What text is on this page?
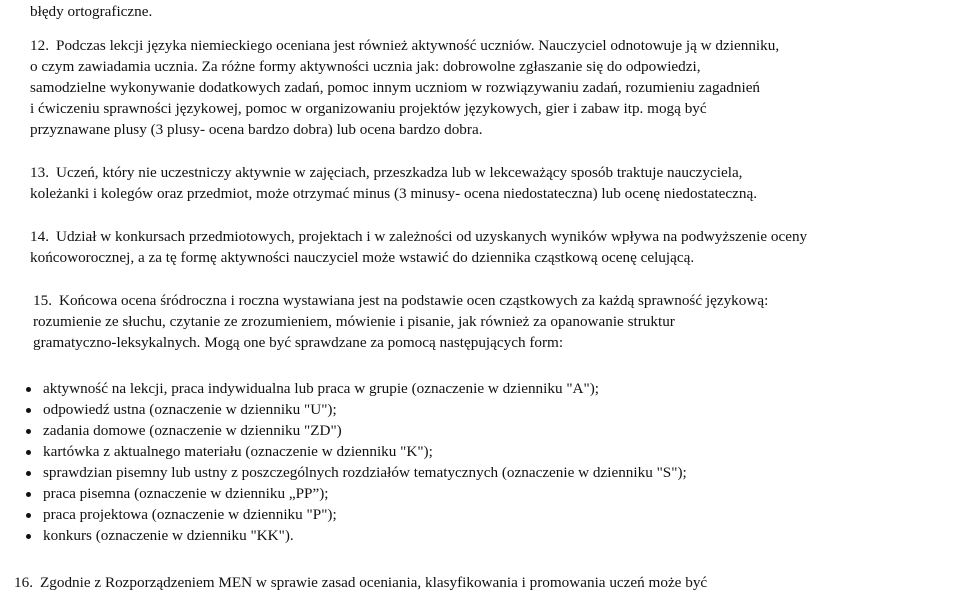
błędy ortograficzne.
12. Podczas lekcji języka niemieckiego oceniana jest również aktywność uczniów. Nauczyciel odnotowuje ją w dzienniku,
o czym zawiadamia ucznia. Za różne formy aktywności ucznia jak: dobrowolne zgłaszanie się do odpowiedzi,
samodzielne wykonywanie dodatkowych zadań, pomoc innym uczniom w rozwiązywaniu zadań, rozumieniu zagadnień
i ćwiczeniu sprawności językowej, pomoc w organizowaniu projektów językowych, gier i zabaw itp. mogą być
przyznawane plusy (3 plusy- ocena bardzo dobra) lub ocena bardzo dobra.
13. Uczeń, który nie uczestniczy aktywnie w zajęciach, przeszkadza lub w lekceważący sposób traktuje nauczyciela,
koleżanki i kolegów oraz przedmiot, może otrzymać minus (3 minusy- ocena niedostateczna) lub ocenę niedostateczną.
14. Udział w konkursach przedmiotowych, projektach i w zależności od uzyskanych wyników wpływa na podwyższenie oceny
końcoworocznej, a za tę formę aktywności nauczyciel może wstawić do dziennika cząstkową ocenę celującą.
15. Końcowa ocena śródroczna i roczna wystawiana jest na podstawie ocen cząstkowych za każdą sprawność językową:
rozumienie ze słuchu, czytanie ze zrozumieniem, mówienie i pisanie, jak również za opanowanie struktur
gramatyczno-leksykalnych. Mogą one być sprawdzane za pomocą następujących form:
aktywność na lekcji, praca indywidualna lub praca w grupie (oznaczenie w dzienniku "A");
odpowiedź ustna (oznaczenie w dzienniku "U");
zadania domowe (oznaczenie w dzienniku "ZD")
kartówka z aktualnego materiału (oznaczenie w dzienniku "K");
sprawdzian pisemny lub ustny z poszczególnych rozdziałów tematycznych (oznaczenie w dzienniku "S");
praca pisemna (oznaczenie w dzienniku „PP”);
praca projektowa (oznaczenie w dzienniku "P");
konkurs (oznaczenie w dzienniku "KK").
16. Zgodnie z Rozporządzeniem MEN w sprawie zasad oceniania, klasyfikowania i promowania uczeń może być
